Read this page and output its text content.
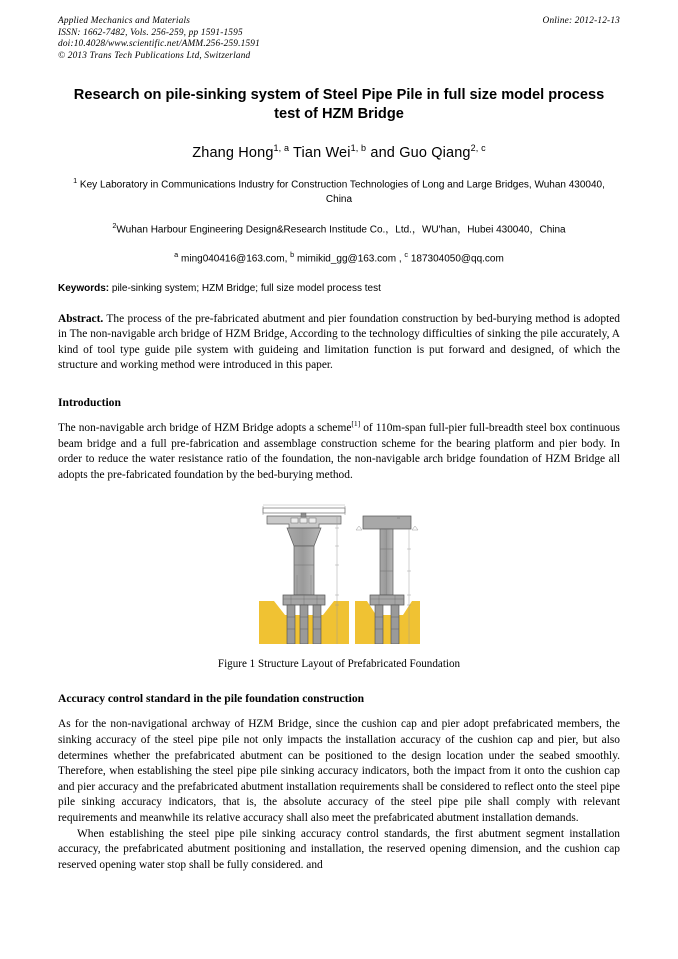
Applied Mechanics and Materials
ISSN: 1662-7482, Vols. 256-259, pp 1591-1595
doi:10.4028/www.scientific.net/AMM.256-259.1591
© 2013 Trans Tech Publications Ltd, Switzerland
Online: 2012-12-13
Research on pile-sinking system of Steel Pipe Pile in full size model process test of HZM Bridge
Zhang Hong$^{1, a}$ Tian Wei$^{1, b}$ and Guo Qiang$^{2, c}$
$^1$ Key Laboratory in Communications Industry for Construction Technologies of Long and Large Bridges, Wuhan 430040, China
$^2$Wuhan Harbour Engineering Design&Research Institude Co.，Ltd.，WU'han，Hubei 430040，China
$^a$ ming040416@163.com, $^b$ mimikid_gg@163.com , $^c$ 187304050@qq.com
Keywords: pile-sinking system; HZM Bridge; full size model process test
Abstract. The process of the pre-fabricated abutment and pier foundation construction by bed-burying method is adopted in The non-navigable arch bridge of HZM Bridge, According to the technology difficulties of sinking the pile accurately, A kind of tool type guide pile system with guideing and limitation function is put forward and designed, of which the structure and working method were introduced in this paper.
Introduction
The non-navigable arch bridge of HZM Bridge adopts a scheme[1] of 110m-span full-pier full-breadth steel box continuous beam bridge and a full pre-fabrication and assemblage construction scheme for the bearing platform and pier body. In order to reduce the water resistance ratio of the foundation, the non-navigable arch bridge foundation of HZM Bridge all adopts the pre-fabricated foundation by the bed-burying method.
Figure 1 Structure Layout of Prefabricated Foundation
Accuracy control standard in the pile foundation construction
As for the non-navigational archway of HZM Bridge, since the cushion cap and pier adopt prefabricated members, the sinking accuracy of the steel pipe pile not only impacts the installation accuracy of the cushion cap and pier, but also determines whether the prefabricated abutment can be positioned to the design location under the seabed smoothly. Therefore, when establishing the steel pipe pile sinking accuracy indicators, both the impact from it onto the cushion cap and pier accuracy and the prefabricated abutment installation requirements shall be considered to reflect onto the steel pipe pile sinking accuracy indicators, that is, the absolute accuracy of the steel pipe pile shall comply with relevant requirements and meanwhile its relative accuracy shall also meet the prefabricated abutment installation demands.
When establishing the steel pipe pile sinking accuracy control standards, the first abutment segment installation accuracy, the prefabricated abutment positioning and installation, the reserved opening dimension, and the cushion cap reserved opening water stop shall be fully considered. and
